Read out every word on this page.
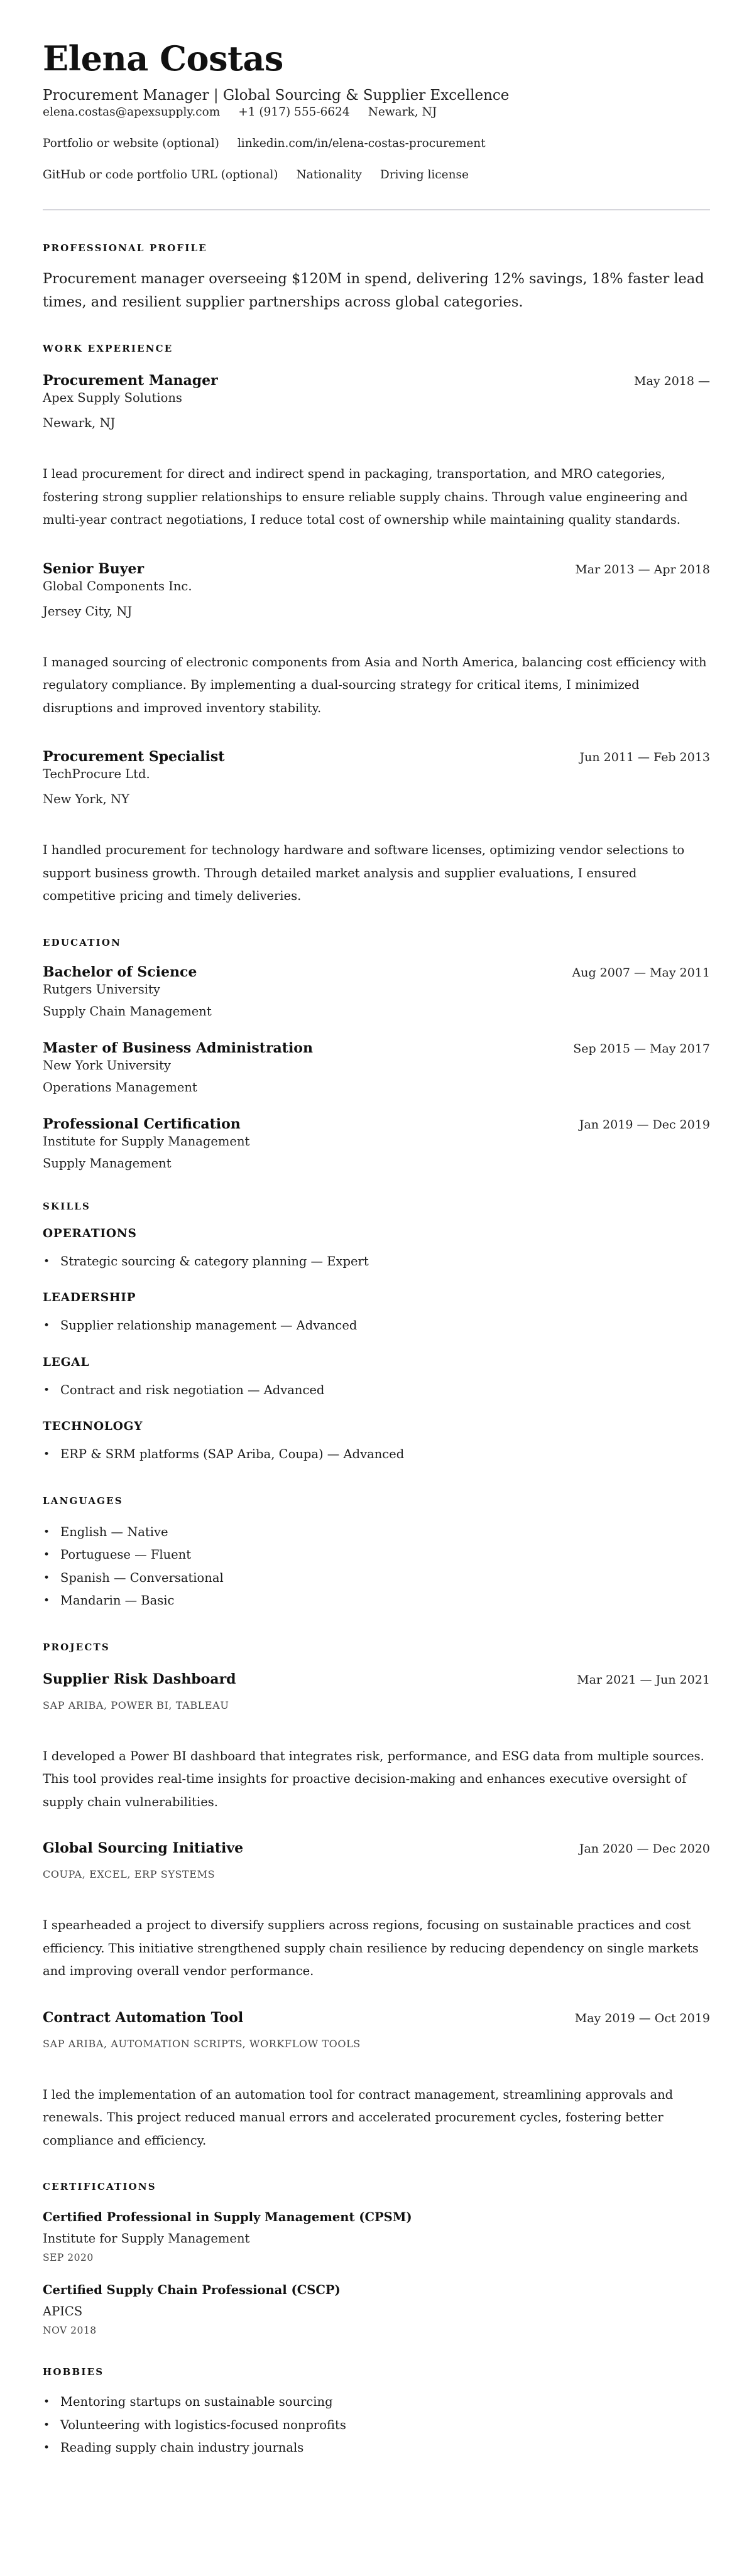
Elena Costas
Procurement Manager | Global Sourcing & Supplier Excellence
elena.costas@apexsupply.com +1 (917) 555-6624 Newark, NJ
Portfolio or website (optional) linkedin.com/in/elena-costas-procurement
GitHub or code portfolio URL (optional) Nationality Driving license
PROFESSIONAL PROFILE

Procurement manager overseeing $120M in spend, delivering 12% savings, 18% faster lead times, and resilient supplier partnerships across global categories.

WORK EXPERIENCE
Procurement Manager	May 2018 —
Apex Supply Solutions
Newark, NJ

I lead procurement for direct and indirect spend in packaging, transportation, and MRO categories, fostering strong supplier relationships to ensure reliable supply chains. Through value engineering and multi-year contract negotiations, I reduce total cost of ownership while maintaining quality standards.

Senior Buyer	Mar 2013 — Apr 2018
Global Components Inc.
Jersey City, NJ

I managed sourcing of electronic components from Asia and North America, balancing cost efficiency with regulatory compliance. By implementing a dual-sourcing strategy for critical items, I minimized disruptions and improved inventory stability.

Procurement Specialist	Jun 2011 — Feb 2013
TechProcure Ltd.
New York, NY

I handled procurement for technology hardware and software licenses, optimizing vendor selections to support business growth. Through detailed market analysis and supplier evaluations, I ensured competitive pricing and timely deliveries.

EDUCATION
Bachelor of Science	Aug 2007 — May 2011
Rutgers University
Supply Chain Management
Master of Business Administration	Sep 2015 — May 2017
New York University
Operations Management
Professional Certification	Jan 2019 — Dec 2019
Institute for Supply Management
Supply Management
SKILLS
OPERATIONS
• Strategic sourcing & category planning — Expert
LEADERSHIP
• Supplier relationship management — Advanced
LEGAL
• Contract and risk negotiation — Advanced
TECHNOLOGY
• ERP & SRM platforms (SAP Ariba, Coupa) — Advanced
LANGUAGES
• English — Native
• Portuguese — Fluent
• Spanish — Conversational
• Mandarin — Basic
PROJECTS
Supplier Risk Dashboard	Mar 2021 — Jun 2021
SAP ARIBA, POWER BI, TABLEAU

I developed a Power BI dashboard that integrates risk, performance, and ESG data from multiple sources. This tool provides real-time insights for proactive decision-making and enhances executive oversight of supply chain vulnerabilities.

Global Sourcing Initiative	Jan 2020 — Dec 2020
COUPA, EXCEL, ERP SYSTEMS

I spearheaded a project to diversify suppliers across regions, focusing on sustainable practices and cost efficiency. This initiative strengthened supply chain resilience by reducing dependency on single markets and improving overall vendor performance.

Contract Automation Tool	May 2019 — Oct 2019
SAP ARIBA, AUTOMATION SCRIPTS, WORKFLOW TOOLS

I led the implementation of an automation tool for contract management, streamlining approvals and renewals. This project reduced manual errors and accelerated procurement cycles, fostering better compliance and efficiency.

CERTIFICATIONS
Certified Professional in Supply Management (CPSM)
Institute for Supply Management
SEP 2020
Certified Supply Chain Professional (CSCP)
APICS
NOV 2018
HOBBIES
• Mentoring startups on sustainable sourcing
• Volunteering with logistics-focused nonprofits
• Reading supply chain industry journals
